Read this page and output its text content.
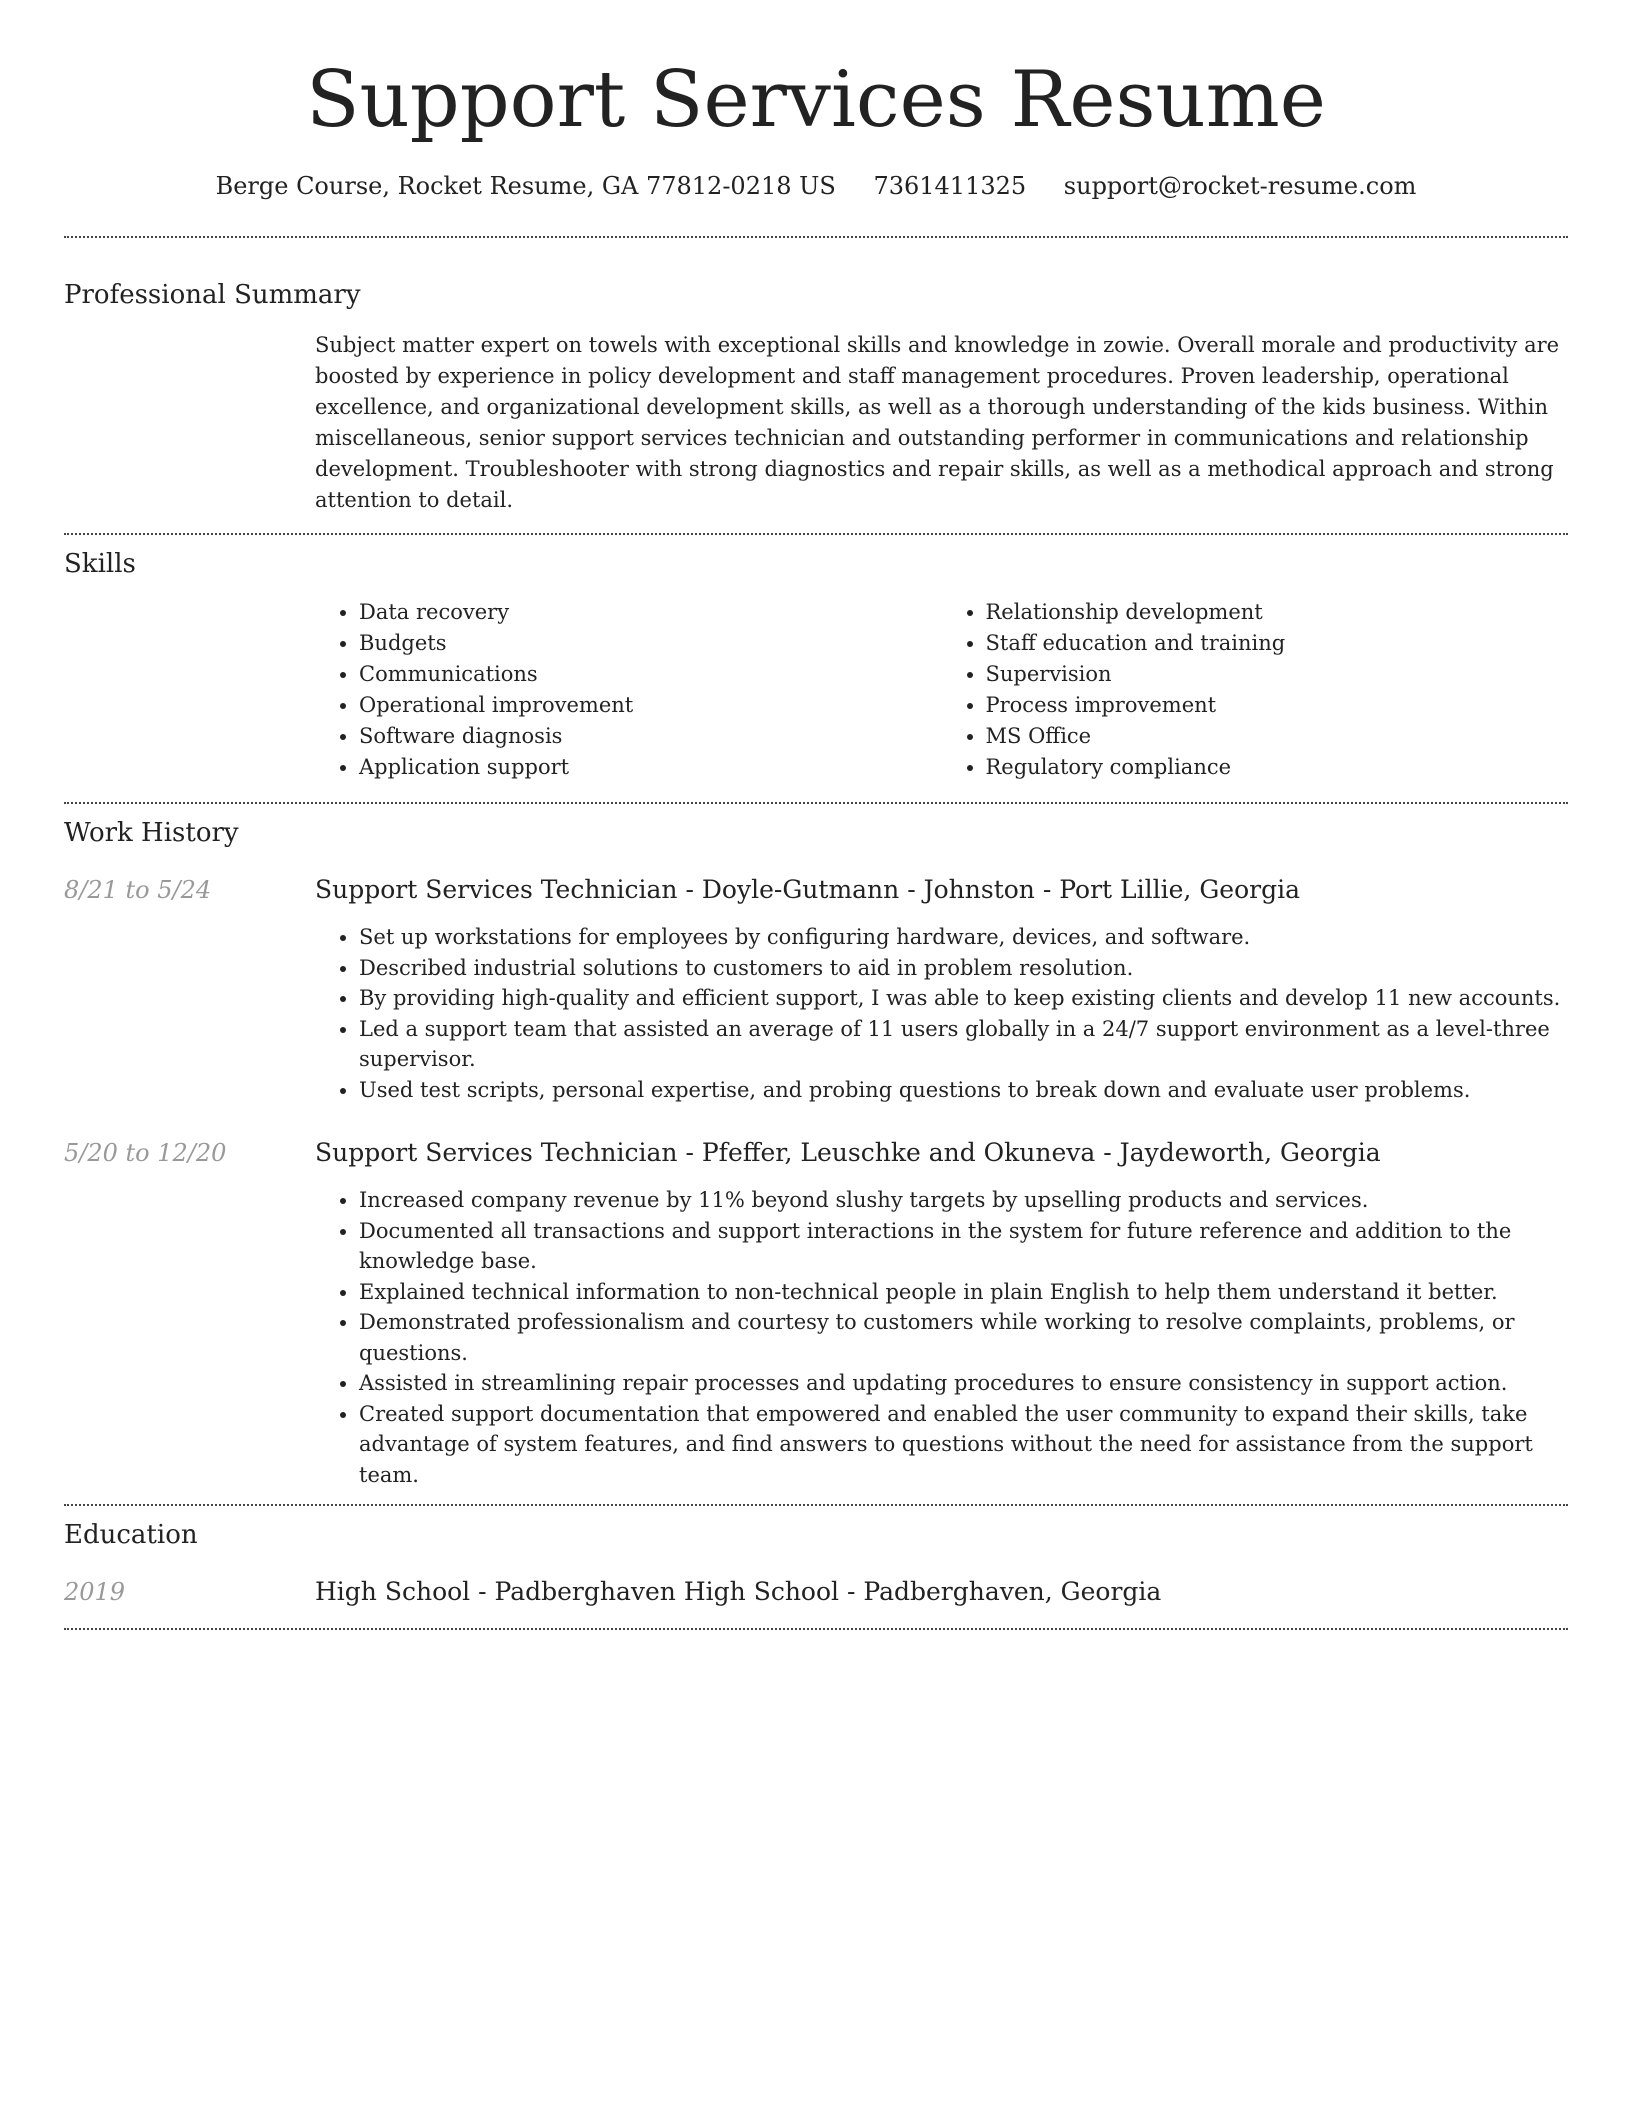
Support Services Resume
Berge Course, Rocket Resume, GA 77812-0218 US 7361411325 support@rocket-resume.com
Professional Summary

Subject matter expert on towels with exceptional skills and knowledge in zowie. Overall morale and productivity are boosted by experience in policy development and staff management procedures. Proven leadership, operational excellence, and organizational development skills, as well as a thorough understanding of the kids business. Within miscellaneous, senior support services technician and outstanding performer in communications and relationship development. Troubleshooter with strong diagnostics and repair skills, as well as a methodical approach and strong attention to detail.

Skills
• Data recovery
• Budgets
• Communications
• Operational improvement
• Software diagnosis
• Application support
• Relationship development
• Staff education and training
• Supervision
• Process improvement
• MS Office
• Regulatory compliance
Work History
8/21 to 5/24	Support Services Technician - Doyle-Gutmann - Johnston - Port Lillie, Georgia
• Set up workstations for employees by configuring hardware, devices, and software.
• Described industrial solutions to customers to aid in problem resolution.
• By providing high-quality and efficient support, I was able to keep existing clients and develop 11 new accounts.
• Led a support team that assisted an average of 11 users globally in a 24/7 support environment as a level-three supervisor.
• Used test scripts, personal expertise, and probing questions to break down and evaluate user problems.
5/20 to 12/20	Support Services Technician - Pfeffer, Leuschke and Okuneva - Jaydeworth, Georgia
• Increased company revenue by 11% beyond slushy targets by upselling products and services.
• Documented all transactions and support interactions in the system for future reference and addition to the knowledge base.
• Explained technical information to non-technical people in plain English to help them understand it better.
• Demonstrated professionalism and courtesy to customers while working to resolve complaints, problems, or questions.
• Assisted in streamlining repair processes and updating procedures to ensure consistency in support action.
• Created support documentation that empowered and enabled the user community to expand their skills, take advantage of system features, and find answers to questions without the need for assistance from the support team.
Education
2019	High School - Padberghaven High School - Padberghaven, Georgia
